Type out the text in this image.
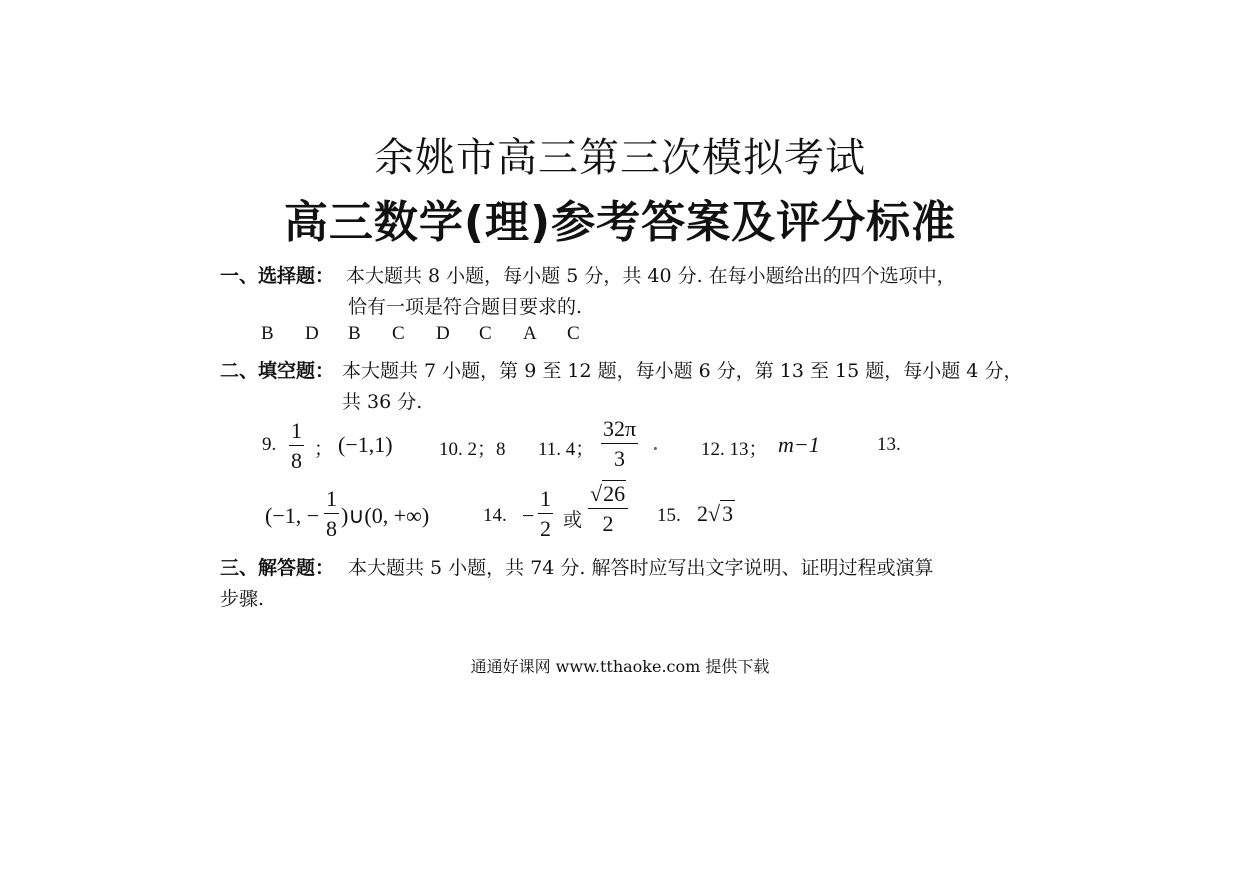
余姚市高三第三次模拟考试
高三数学(理)参考答案及评分标准
一、选择题： 本大题共 8 小题，每小题 5 分，共 40 分. 在每小题给出的四个选项中，
恰有一项是符合题目要求的.
B	D	B	C	D	C	A	C
二、填空题： 本大题共 7 小题，第 9 至 12 题，每小题 6 分，第 13 至 15 题，每小题 4 分，
共 36 分.
9. $\frac{1}{8}$ ； (−1,1) 10. 2；8 11. 4； $\frac{32\pi}{3}$ . 12. 13； m−1	13.
(−1, − $\frac{1}{8}$ )∪(0, +∞)	14. − $\frac{1}{2}$ 或 $\frac{√26}{2} 15$. 2√3
三、解答题： 本大题共 5 小题，共 74 分. 解答时应写出文字说明、证明过程或演算
步骤.
通通好课网 www.tthaoke.com 提供下载
